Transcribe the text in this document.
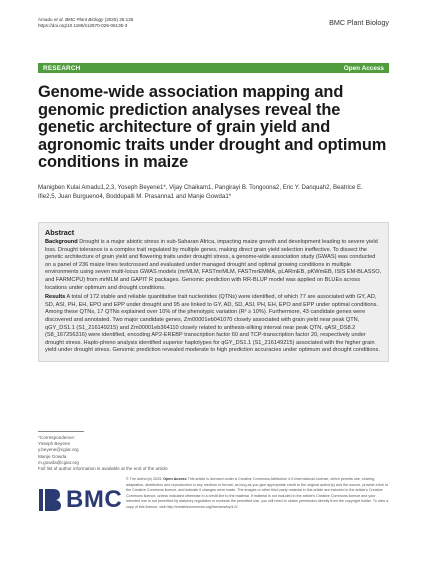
Amadu et al. BMC Plant Biology (2025) 25:135
https://doi.org/10.1186/s12870-025-06135-3	BMC Plant Biology
RESEARCH	Open Access
Genome-wide association mapping and genomic prediction analyses reveal the genetic architecture of grain yield and agronomic traits under drought and optimum conditions in maize
Manigben Kulai Amadu1,2,3, Yoseph Beyene1*, Vijay Chaikam1, Pangirayi B. Tongoona2, Eric Y. Danquah2, Beatrice E. Ifie2,5, Juan Burgueno4, Boddupalli M. Prasanna1 and Manje Gowda1*
Abstract

Background Drought is a major abiotic stress in sub-Saharan Africa, impacting maize growth and development leading to severe yield loss. Drought tolerance is a complex trait regulated by multiple genes, making direct grain yield selection ineffective. To dissect the genetic architecture of grain yield and flowering traits under drought stress, a genome-wide association study (GWAS) was conducted on a panel of 236 maize lines testcrossed and evaluated under managed drought and optimal growing conditions in multiple environments using seven multi-locus GWAS models (mrMLM, FASTmrMLM, FASTmrEMMA, pLARmEB, pKWmEB, ISIS EM-BLASSO, and FARMCPU) from mrMLM and GAPIT R packages. Genomic prediction with RR-BLUP model was applied on BLUEs across locations under optimum and drought conditions.

Results A total of 172 stable and reliable quantitative trait nucleotides (QTNs) were identified, of which 77 are associated with GY, AD, SD, ASI, PH, EH, EPO and EPP under drought and 95 are linked to GY, AD, SD, ASI, PH, EH, EPO and EPP under optimal conditions. Among these QTNs, 17 QTNs explained over 10% of the phenotypic variation (R² ≥ 10%). Furthermore, 43 candidate genes were discovered and annotated. Two major candidate genes, Zm00001eb041070 closely associated with grain yield near peak QTN, qGY_DS1.1 (S1_216149215) and Zm00001eb364110 closely related to anthesis-silking interval near peak QTN, qASI_DS8.2 (S8_167256316) were identified, encoding AP2-EREBP transcription factor 60 and TCP-transcription factor 20, respectively under drought stress. Haplo-pheno analysis identified superior haplotypes for qGY_DS1.1 (S1_216149215) associated with the higher grain yield under drought stress. Genomic prediction revealed moderate to high prediction accuracies under optimum and drought conditions.

*Correspondence:
Yoseph Beyene
y.beyene@cgiar.org
Manje Gowda
m.gowda@cgiar.org
Full list of author information is available at the end of the article
BMC
© The Author(s) 2025. Open Access This article is licensed under a Creative Commons Attribution 4.0 International License, which permits use, sharing, adaptation, distribution and reproduction in any medium or format, as long as you give appropriate credit to the original author(s) and the source, provide a link to the Creative Commons licence, and indicate if changes were made. The images or other third party material in this article are included in the article's Creative Commons licence, unless indicated otherwise in a credit line to the material. If material is not included in the article's Creative Commons licence and your intended use is not permitted by statutory regulation or exceeds the permitted use, you will need to obtain permission directly from the copyright holder. To view a copy of this licence, visit http://creativecommons.org/licenses/by/4.0/.
